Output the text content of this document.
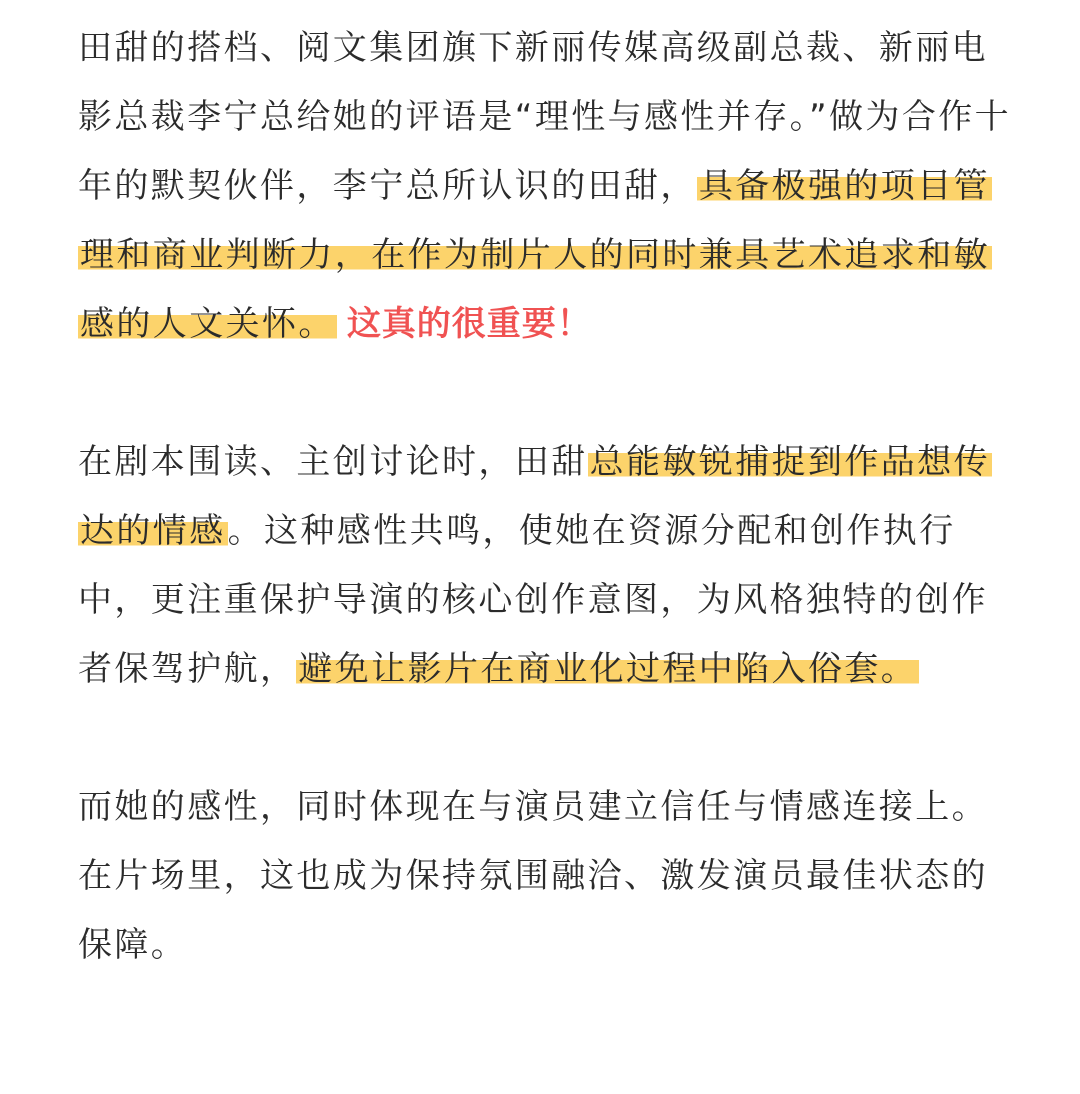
田甜的搭档、阅文集团旗下新丽传媒高级副总裁、新丽电影总裁李宁总给她的评语是“理性与感性并存。”做为合作十年的默契伙伴，李宁总所认识的田甜，具备极强的项目管理和商业判断力，在作为制片人的同时兼具艺术追求和敏感的人文关怀。 这真的很重要！

在剧本围读、主创讨论时，田甜总能敏锐捕捉到作品想传达的情感。这种感性共鸣，使她在资源分配和创作执行中，更注重保护导演的核心创作意图，为风格独特的创作者保驾护航，避免让影片在商业化过程中陷入俗套。

而她的感性，同时体现在与演员建立信任与情感连接上。在片场里，这也成为保持氛围融洽、激发演员最佳状态的保障。
